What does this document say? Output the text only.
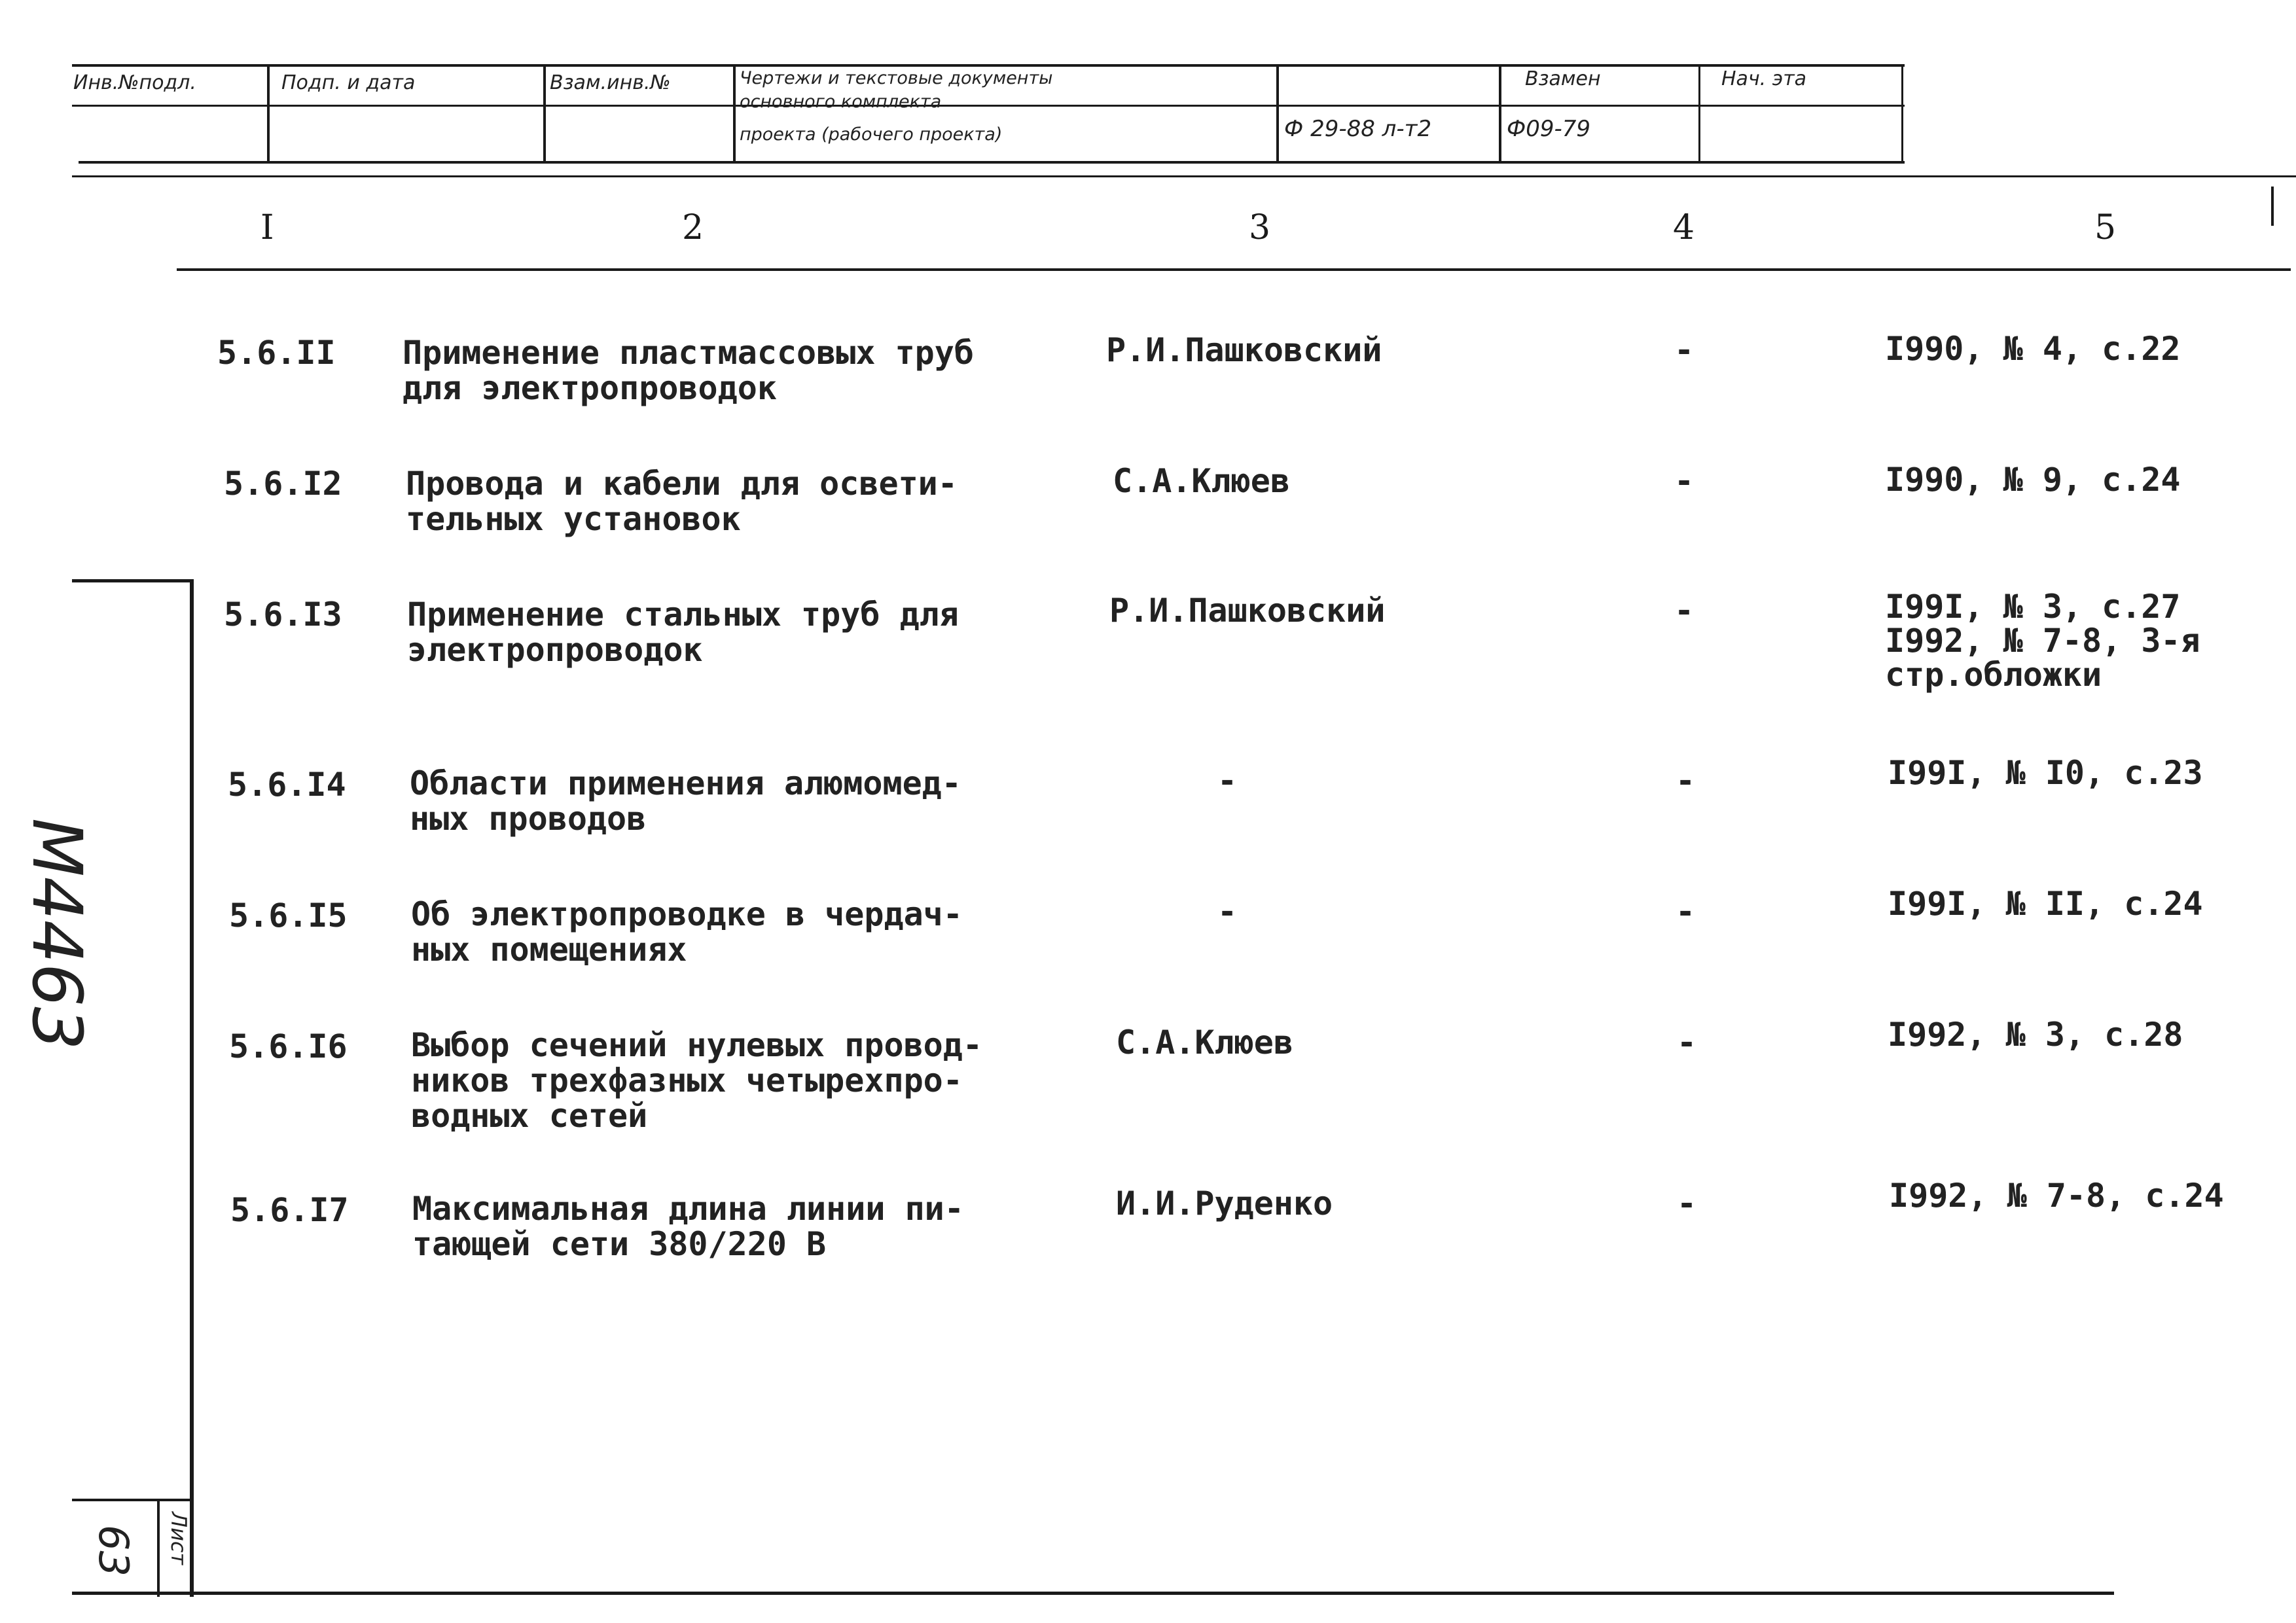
Инв.№подл.	Подп. и дата	Взам.инв.№	Чертежи и текстовые документы
основного комплекта
проекта (рабочего проекта)
Взамен	Нач. эта
Ф 29-88 л-т2	Ф09-79
I	2	3	4	5
5.6.II Применение пластмассовых труб
для электропроводок
Р.И.Пашковский	-	I990, № 4, с.22
5.6.I2 Провода и кабели для освети-
тельных установок
С.А.Клюев	-	I990, № 9, с.24
5.6.I3 Применение стальных труб для
электропроводок
Р.И.Пашковский	-	I99I, № 3, с.27
I992, № 7-8, 3-я
стр.обложки
5.6.I4 Области применения алюмомед-
ных проводов
-	-	I99I, № I0, с.23
5.6.I5 Об электропроводке в чердач-
ных помещениях
-	-	I99I, № II, с.24
5.6.I6 Выбор сечений нулевых провод-
ников трехфазных четырехпро-
водных сетей
С.А.Клюев	-	I992, № 3, с.28
5.6.I7 Максимальная длина линии пи-
тающей сети 380/220 В
И.И.Руденко	-	I992, № 7-8, с.24
М4463
Лист
63
